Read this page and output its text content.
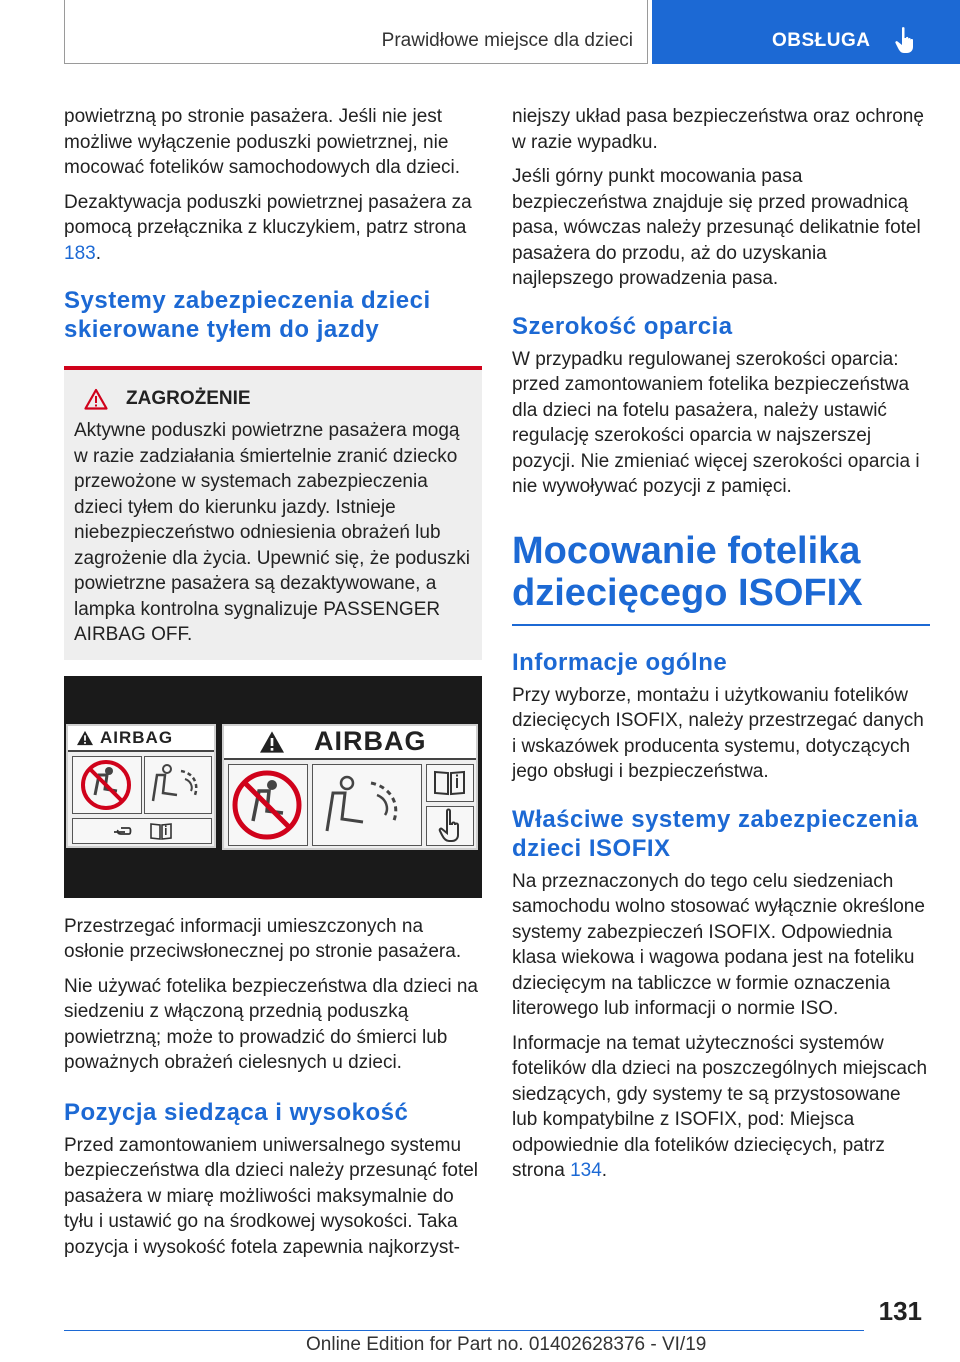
Prawidłowe miejsce dla dzieci	OBSŁUGA

powietrzną po stronie pasażera. Jeśli nie jest możliwe wyłączenie poduszki powietrznej, nie mocować fotelików samochodowych dla dzieci.

Dezaktywacja poduszki powietrznej pasażera za pomocą przełącznika z kluczykiem, patrz strona 183.

Systemy zabezpieczenia dzieci skierowane tyłem do jazdy
ZAGROŻENIE

Aktywne poduszki powietrzne pasażera mogą w razie zadziałania śmiertelnie zranić dziecko przewożone w systemach zabezpieczenia dzieci tyłem do kierunku jazdy. Istnieje niebezpieczeństwo odniesienia obrażeń lub zagrożenie dla życia. Upewnić się, że poduszki powietrzne pasażera są dezaktywowane, a lampka kontrolna sygnalizuje PASSENGER AIRBAG OFF.

AIRBAG	AIRBAG

Przestrzegać informacji umieszczonych na osłonie przeciwsłonecznej po stronie pasażera.

Nie używać fotelika bezpieczeństwa dla dzieci na siedzeniu z włączoną przednią poduszką powietrzną; może to prowadzić do śmierci lub poważnych obrażeń cielesnych u dzieci.

Pozycja siedząca i wysokość

Przed zamontowaniem uniwersalnego systemu bezpieczeństwa dla dzieci należy przesunąć fotel pasażera w miarę możliwości maksymalnie do tyłu i ustawić go na środkowej wysokości. Taka pozycja i wysokość fotela zapewnia najkorzyst-

niejszy układ pasa bezpieczeństwa oraz ochronę w razie wypadku.

Jeśli górny punkt mocowania pasa bezpieczeństwa znajduje się przed prowadnicą pasa, wówczas należy przesunąć delikatnie fotel pasażera do przodu, aż do uzyskania najlepszego prowadzenia pasa.

Szerokość oparcia

W przypadku regulowanej szerokości oparcia: przed zamontowaniem fotelika bezpieczeństwa dla dzieci na fotelu pasażera, należy ustawić regulację szerokości oparcia w najszerszej pozycji. Nie zmieniać więcej szerokości oparcia i nie wywoływać pozycji z pamięci.

Mocowanie fotelika dziecięcego ISOFIX
Informacje ogólne

Przy wyborze, montażu i użytkowaniu fotelików dziecięcych ISOFIX, należy przestrzegać danych i wskazówek producenta systemu, dotyczących jego obsługi i bezpieczeństwa.

Właściwe systemy zabezpieczenia dzieci ISOFIX

Na przeznaczonych do tego celu siedzeniach samochodu wolno stosować wyłącznie określone systemy zabezpieczeń ISOFIX. Odpowiednia klasa wiekowa i wagowa podana jest na foteliku dziecięcym na tabliczce w formie oznaczenia literowego lub informacji o normie ISO.

Informacje na temat użyteczności systemów fotelików dla dzieci na poszczególnych miejscach siedzących, gdy systemy te są przystosowane lub kompatybilne z ISOFIX, pod: Miejsca odpowiednie dla fotelików dziecięcych, patrz strona 134.

131
Online Edition for Part no. 01402628376 - VI/19
